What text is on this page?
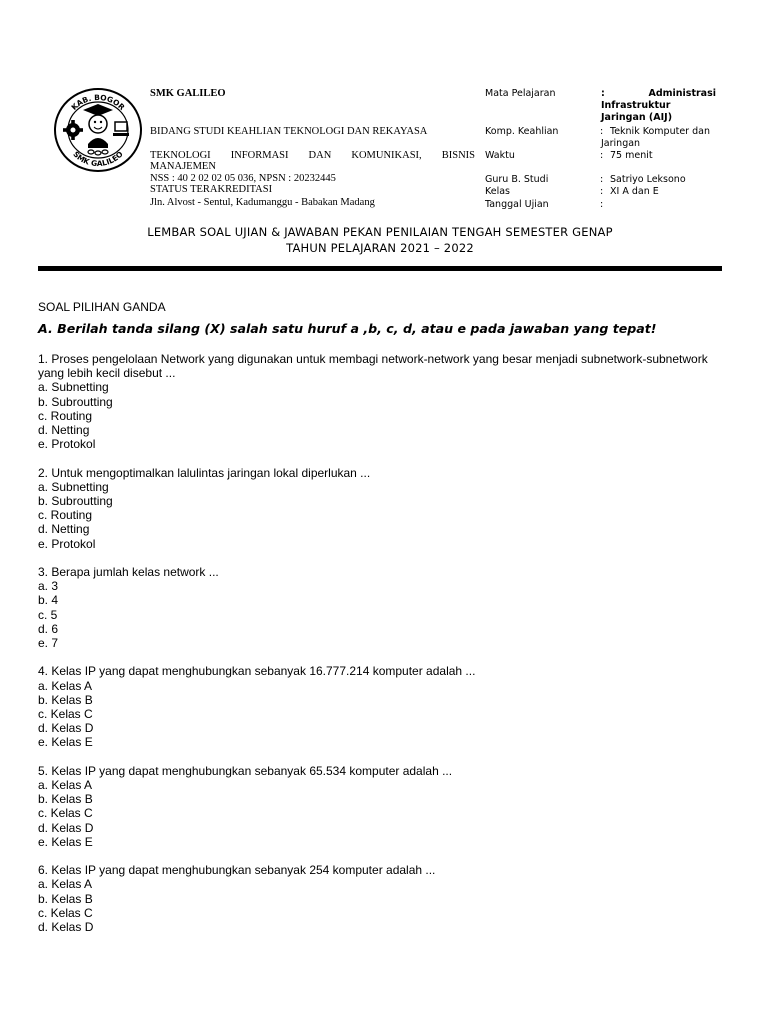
KAB. BOGOR
SMK GALILEO
SMK GALILEO
BIDANG STUDI KEAHLIAN TEKNOLOGI DAN REKAYASA
TEKNOLOGI INFORMASI DAN KOMUNIKASI, BISNIS
MANAJEMEN
NSS : 40 2 02 02 05 036, NPSN : 20232445
STATUS TERAKREDITASI
Jln. Alvost - Sentul, Kadumanggu - Babakan Madang
Mata Pelajaran	:	Administrasi
Infrastruktur
Jaringan (AIJ)
Komp. Keahlian	: Teknik Komputer dan
Jaringan
Waktu	: 75 menit
Guru B. Studi	: Satriyo Leksono
Kelas	: XI A dan E
Tanggal Ujian	:
LEMBAR SOAL UJIAN & JAWABAN PEKAN PENILAIAN TENGAH SEMESTER GENAP
TAHUN PELAJARAN 2021 – 2022
SOAL PILIHAN GANDA
A. Berilah tanda silang (X) salah satu huruf a ,b, c, d, atau e pada jawaban yang tepat!
1. Proses pengelolaan Network yang digunakan untuk membagi network-network yang besar menjadi subnetwork-subnetwork yang lebih kecil disebut ...
a. Subnetting
b. Subroutting
c. Routing
d. Netting
e. Protokol
2. Untuk mengoptimalkan lalulintas jaringan lokal diperlukan ...
a. Subnetting
b. Subroutting
c. Routing
d. Netting
e. Protokol
3. Berapa jumlah kelas network ...
a. 3
b. 4
c. 5
d. 6
e. 7
4. Kelas IP yang dapat menghubungkan sebanyak 16.777.214 komputer adalah ...
a. Kelas A
b. Kelas B
c. Kelas C
d. Kelas D
e. Kelas E
5. Kelas IP yang dapat menghubungkan sebanyak 65.534 komputer adalah ...
a. Kelas A
b. Kelas B
c. Kelas C
d. Kelas D
e. Kelas E
6. Kelas IP yang dapat menghubungkan sebanyak 254 komputer adalah ...
a. Kelas A
b. Kelas B
c. Kelas C
d. Kelas D
